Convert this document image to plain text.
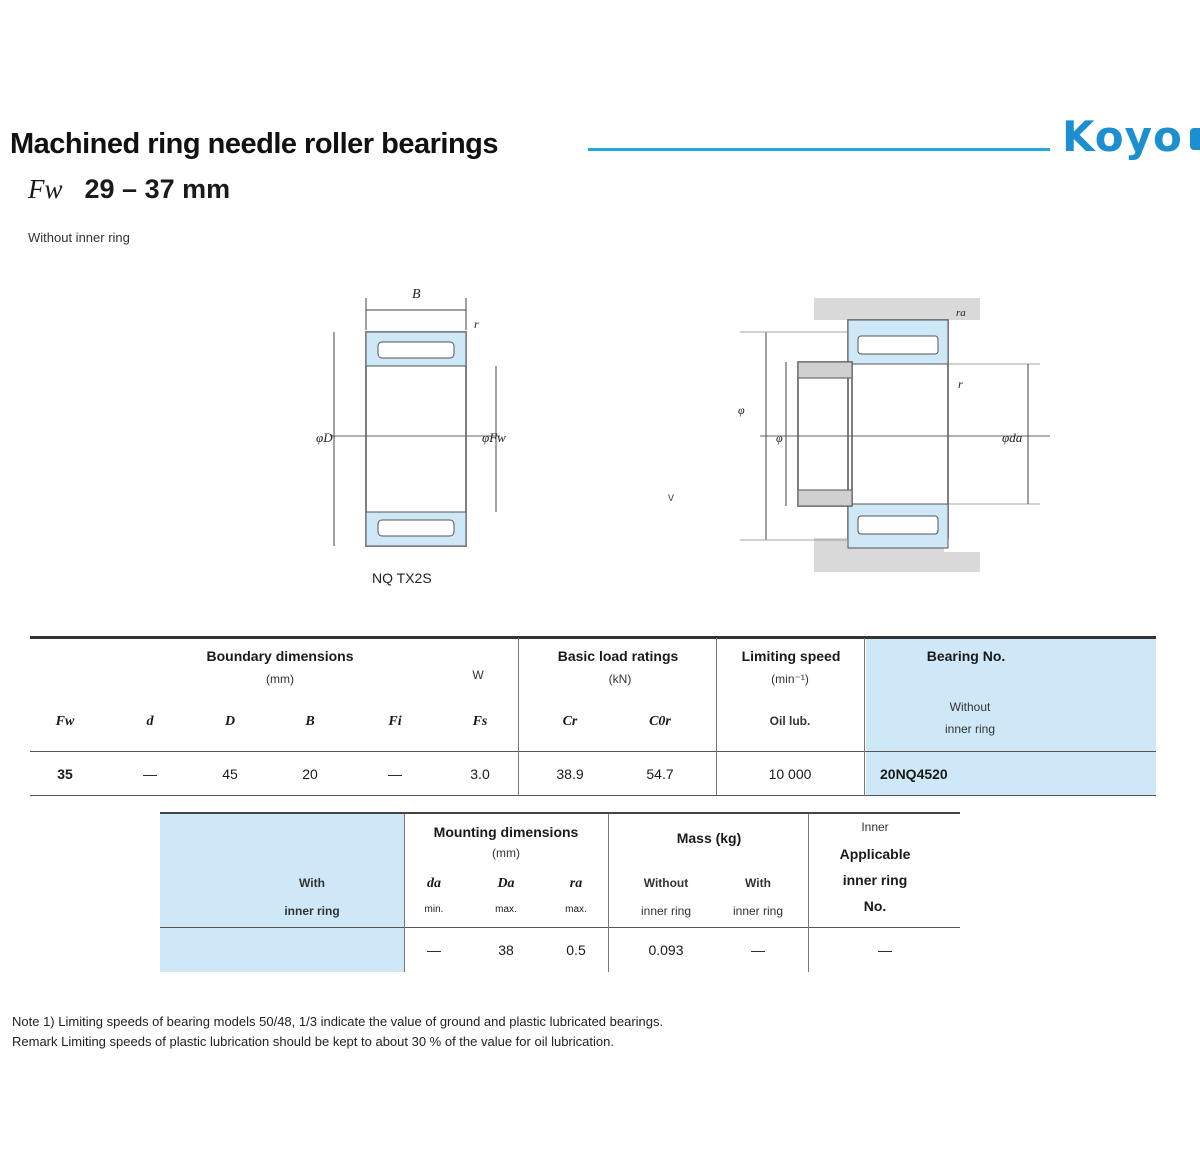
Machined ring needle roller bearings	Koyo
Fw 29 – 37 mm
Without inner ring
B
r
φD	φFw
NQ TX2S
v
ra
φ
φ	φda
r
Boundary dimensions
(mm)	W
Basic load ratings
(kN)
Limiting speed
(min⁻¹)
Bearing No.
Without
inner ring
Fw	d	D	B	Fi	Fs	Cr	C0r	Oil lub.
35	—	45	20	—	3.0	38.9	54.7	10 000	20NQ4520
With
inner ring
Mounting dimensions
(mm)
da	Da	ra
min.	max.	max.
Mass (kg)
Without	With
inner ring	inner ring
Inner
Applicable
inner ring
No.
—	38	0.5	0.093	—	—
Note 1) Limiting speeds of bearing models 50/48, 1/3 indicate the value of ground and plastic lubricated bearings.
Remark Limiting speeds of plastic lubrication should be kept to about 30 % of the value for oil lubrication.
